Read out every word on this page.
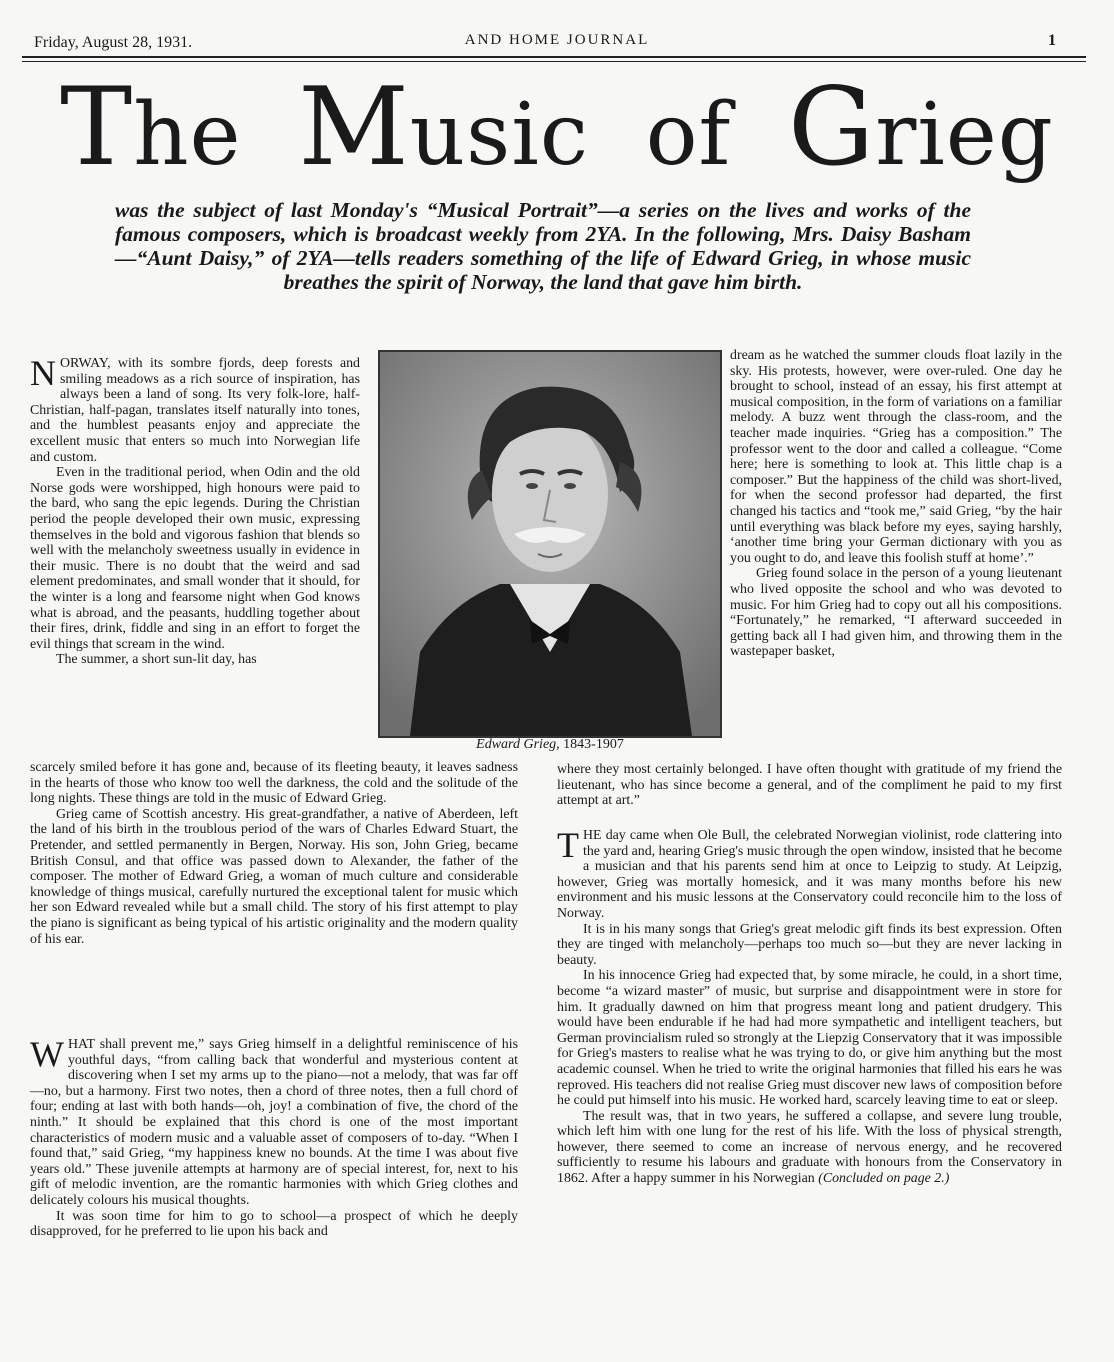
Friday, August 28, 1931.	AND HOME JOURNAL	1
The Music of Grieg
was the subject of last Monday's “Musical Portrait”—a series on the lives and works of the famous composers, which is broadcast weekly from 2YA. In the following, Mrs. Daisy Basham—“Aunt Daisy,” of 2YA—tells readers something of the life of Edward Grieg, in whose music breathes the spirit of Norway, the land that gave him birth.
Edward Grieg, 1843-1907

NORWAY, with its sombre fjords, deep forests and smiling meadows as a rich source of inspiration, has always been a land of song. Its very folk-lore, half-Christian, half-pagan, translates itself naturally into tones, and the humblest peasants enjoy and appreciate the excellent music that enters so much into Norwegian life and custom.

Even in the traditional period, when Odin and the old Norse gods were worshipped, high honours were paid to the bard, who sang the epic legends. During the Christian period the people developed their own music, expressing themselves in the bold and vigorous fashion that blends so well with the melancholy sweetness usually in evidence in their music. There is no doubt that the weird and sad element predominates, and small wonder that it should, for the winter is a long and fearsome night when God knows what is abroad, and the peasants, huddling together about their fires, drink, fiddle and sing in an effort to forget the evil things that scream in the wind.

The summer, a short sun-lit day, has

scarcely smiled before it has gone and, because of its fleeting beauty, it leaves sadness in the hearts of those who know too well the darkness, the cold and the solitude of the long nights. These things are told in the music of Edward Grieg.

Grieg came of Scottish ancestry. His great-grandfather, a native of Aberdeen, left the land of his birth in the troublous period of the wars of Charles Edward Stuart, the Pretender, and settled permanently in Bergen, Norway. His son, John Grieg, became British Consul, and that office was passed down to Alexander, the father of the composer. The mother of Edward Grieg, a woman of much culture and considerable knowledge of things musical, carefully nurtured the exceptional talent for music which her son Edward revealed while but a small child. The story of his first attempt to play the piano is significant as being typical of his artistic originality and the modern quality of his ear.

WHAT shall prevent me,” says Grieg himself in a delightful reminiscence of his youthful days, “from calling back that wonderful and mysterious content at discovering when I set my arms up to the piano—not a melody, that was far off—no, but a harmony. First two notes, then a chord of three notes, then a full chord of four; ending at last with both hands—oh, joy! a combination of five, the chord of the ninth.” It should be explained that this chord is one of the most important characteristics of modern music and a valuable asset of composers of to-day. “When I found that,” said Grieg, “my happiness knew no bounds. At the time I was about five years old.” These juvenile attempts at harmony are of special interest, for, next to his gift of melodic invention, are the romantic harmonies with which Grieg clothes and delicately colours his musical thoughts.

It was soon time for him to go to school—a prospect of which he deeply disapproved, for he preferred to lie upon his back and

dream as he watched the summer clouds float lazily in the sky. His protests, however, were over-ruled. One day he brought to school, instead of an essay, his first attempt at musical composition, in the form of variations on a familiar melody. A buzz went through the class-room, and the teacher made inquiries. “Grieg has a composition.” The professor went to the door and called a colleague. “Come here; here is something to look at. This little chap is a composer.” But the happiness of the child was short-lived, for when the second professor had departed, the first changed his tactics and “took me,” said Grieg, “by the hair until everything was black before my eyes, saying harshly, ‘another time bring your German dictionary with you as you ought to do, and leave this foolish stuff at home’.”

Grieg found solace in the person of a young lieutenant who lived opposite the school and who was devoted to music. For him Grieg had to copy out all his compositions. “Fortunately,” he remarked, “I afterward succeeded in getting back all I had given him, and throwing them in the wastepaper basket,

where they most certainly belonged. I have often thought with gratitude of my friend the lieutenant, who has since become a general, and of the compliment he paid to my first attempt at art.”

THE day came when Ole Bull, the celebrated Norwegian violinist, rode clattering into the yard and, hearing Grieg's music through the open window, insisted that he become a musician and that his parents send him at once to Leipzig to study. At Leipzig, however, Grieg was mortally homesick, and it was many months before his new environment and his music lessons at the Conservatory could reconcile him to the loss of Norway.

It is in his many songs that Grieg's great melodic gift finds its best expression. Often they are tinged with melancholy—perhaps too much so—but they are never lacking in beauty.

In his innocence Grieg had expected that, by some miracle, he could, in a short time, become “a wizard master” of music, but surprise and disappointment were in store for him. It gradually dawned on him that progress meant long and patient drudgery. This would have been endurable if he had had more sympathetic and intelligent teachers, but German provincialism ruled so strongly at the Liepzig Conservatory that it was impossible for Grieg's masters to realise what he was trying to do, or give him anything but the most academic counsel. When he tried to write the original harmonies that filled his ears he was reproved. His teachers did not realise Grieg must discover new laws of composition before he could put himself into his music. He worked hard, scarcely leaving time to eat or sleep.

The result was, that in two years, he suffered a collapse, and severe lung trouble, which left him with one lung for the rest of his life. With the loss of physical strength, however, there seemed to come an increase of nervous energy, and he recovered sufficiently to resume his labours and graduate with honours from the Conservatory in 1862. After a happy summer in his Norwegian (Concluded on page 2.)
